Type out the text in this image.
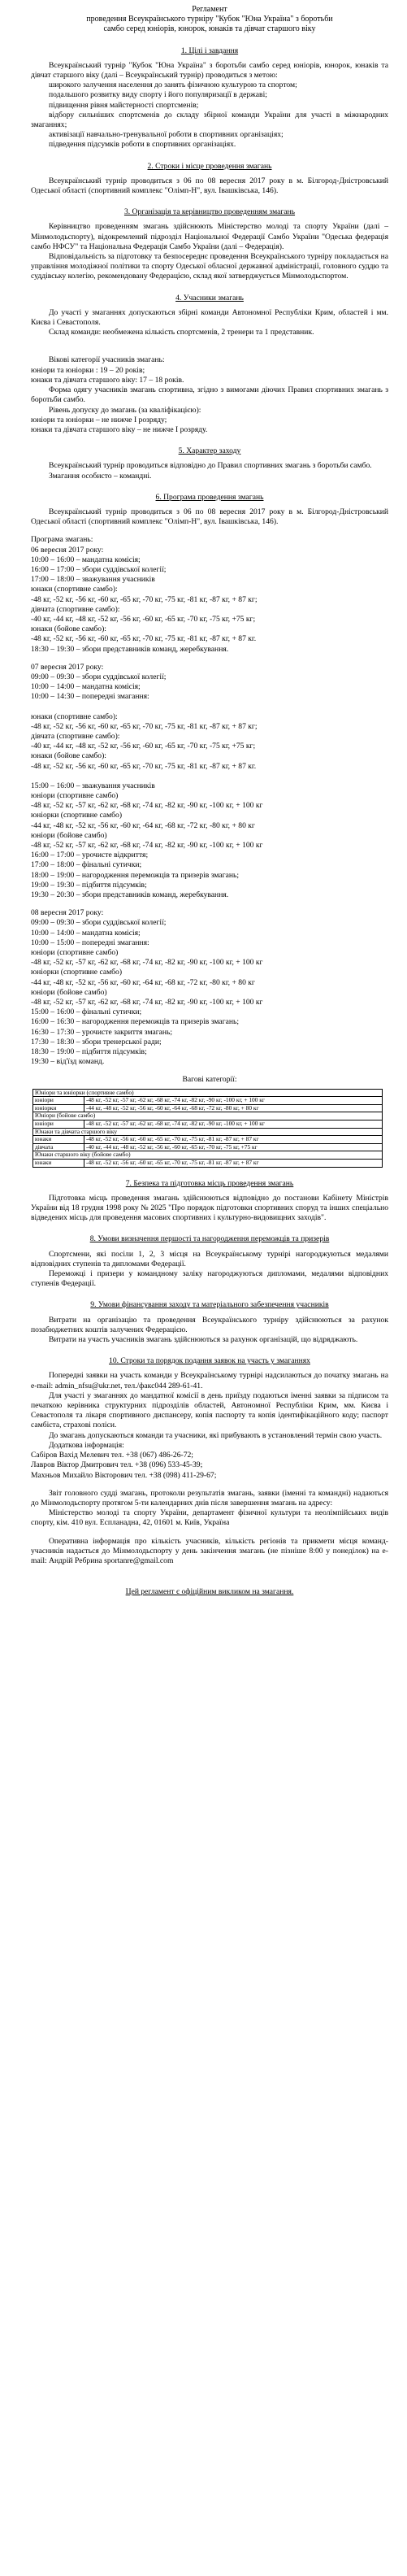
Регламент
проведення Всеукраїнського турніру "Кубок "Юна Україна" з боротьби
самбо серед юніорів, юнорок, юнаків та дівчат старшого віку
1. Цілі і завдання

Всеукраїнський турнір "Кубок "Юна Україна" з боротьби самбо серед юніорів, юнорок, юнаків та дівчат старшого віку (далі – Всеукраїнський турнір) проводиться з метою:

широкого залучення населення до занять фізичною культурою та спортом;

подальшого розвитку виду спорту і його популяризації в державі;

підвищення рівня майстерності спортсменів;

відбору сильніших спортсменів до складу збірної команди України для участі в міжнародних змаганнях;

активізації навчально-тренувальної роботи в спортивних організаціях;

підведення підсумків роботи в спортивних організаціях.

2. Строки і місце проведення змагань

Всеукраїнський турнір проводиться з 06 по 08 вересня 2017 року в м. Білгород-Дністровський Одеської області (спортивний комплекс "Олімп-Н", вул. Івашківська, 146).

3. Організація та керівництво проведенням змагань

Керівництво проведенням змагань здійснюють Міністерство молоді та спорту України (далі – Мінмолодьспорту), відокремлений підрозділ Національної Федерації Самбо України "Одеська федерація самбо НФСУ" та Національна Федерація Самбо України (далі – Федерація).

Відповідальність за підготовку та безпосереднє проведення Всеукраїнського турніру покладається на управління молодіжної політики та спорту Одеської обласної державної адміністрації, головного суддю та суддівську колегію, рекомендовану Федерацією, склад якої затверджується Мінмолодьспортом.

4. Учасники змагань

До участі у змаганнях допускаються збірні команди Автономної Республіки Крим, областей і мм. Києва і Севастополя.

Склад команди: необмежена кількість спортсменів, 2 тренери та 1 представник.

Вікові категорії учасників змагань:

юніори та юніорки : 19 – 20 років;
юнаки та дівчата старшого віку: 17 – 18 років.

Форма одягу учасників змагань спортивна, згідно з вимогами діючих Правил спортивних змагань з боротьби самбо.

Рівень допуску до змагань (за кваліфікацією):

юніори та юніорки – не нижче I розряду;
юнаки та дівчата старшого віку – не нижче I розряду.
5. Характер заходу

Всеукраїнський турнір проводиться відповідно до Правил спортивних змагань з боротьби самбо.

Змагання особисто – командні.

6. Програма проведення змагань

Всеукраїнський турнір проводиться з 06 по 08 вересня 2017 року в м. Білгород-Дністровський Одеської області (спортивний комплекс "Олімп-Н", вул. Івашківська, 146).

Програма змагань:
06 вересня 2017 року:
10:00 – 16:00 – мандатна комісія;
16:00 – 17:00 – збори суддівської колегії;
17:00 – 18:00 – зважування учасників
юнаки (спортивне самбо):
-48 кг, -52 кг, -56 кг, -60 кг, -65 кг, -70 кг, -75 кг, -81 кг, -87 кг, + 87 кг;
дівчата (спортивне самбо):
-40 кг, -44 кг, -48 кг, -52 кг, -56 кг, -60 кг, -65 кг, -70 кг, -75 кг, +75 кг;
юнаки (бойове самбо):
-48 кг, -52 кг, -56 кг, -60 кг, -65 кг, -70 кг, -75 кг, -81 кг, -87 кг, + 87 кг.
18:30 – 19:30 – збори представників команд, жеребкування.
07 вересня 2017 року:
09:00 – 09:30 – збори суддівської колегії;
10:00 – 14:00 – мандатна комісія;
10:00 – 14:30 – попередні змагання:
юнаки (спортивне самбо):
-48 кг, -52 кг, -56 кг, -60 кг, -65 кг, -70 кг, -75 кг, -81 кг, -87 кг, + 87 кг;
дівчата (спортивне самбо):
-40 кг, -44 кг, -48 кг, -52 кг, -56 кг, -60 кг, -65 кг, -70 кг, -75 кг, +75 кг;
юнаки (бойове самбо):
-48 кг, -52 кг, -56 кг, -60 кг, -65 кг, -70 кг, -75 кг, -81 кг, -87 кг, + 87 кг.
15:00 – 16:00 – зважування учасників
юніори (спортивне самбо)
-48 кг, -52 кг, -57 кг, -62 кг, -68 кг, -74 кг, -82 кг, -90 кг, -100 кг, + 100 кг
юніорки (спортивне самбо)
-44 кг, -48 кг, -52 кг, -56 кг, -60 кг, -64 кг, -68 кг, -72 кг, -80 кг, + 80 кг
юніори (бойове самбо)
-48 кг, -52 кг, -57 кг, -62 кг, -68 кг, -74 кг, -82 кг, -90 кг, -100 кг, + 100 кг
16:00 – 17:00 – урочисте відкриття;
17:00 – 18:00 – фінальні сутички;
18:00 – 19:00 – нагородження переможців та призерів змагань;
19:00 – 19:30 – підбиття підсумків;
19:30 – 20:30 – збори представників команд, жеребкування.
08 вересня 2017 року:
09:00 – 09:30 – збори суддівської колегії;
10:00 – 14:00 – мандатна комісія;
10:00 – 15:00 – попередні змагання:
юніори (спортивне самбо)
-48 кг, -52 кг, -57 кг, -62 кг, -68 кг, -74 кг, -82 кг, -90 кг, -100 кг, + 100 кг
юніорки (спортивне самбо)
-44 кг, -48 кг, -52 кг, -56 кг, -60 кг, -64 кг, -68 кг, -72 кг, -80 кг, + 80 кг
юніори (бойове самбо)
-48 кг, -52 кг, -57 кг, -62 кг, -68 кг, -74 кг, -82 кг, -90 кг, -100 кг, + 100 кг
15:00 – 16:00 – фінальні сутички;
16:00 – 16:30 – нагородження переможців та призерів змагань;
16:30 – 17:30 – урочисте закриття змагань;
17:30 – 18:30 – збори тренерської ради;
18:30 – 19:00 – підбиття підсумків;
19:30 – від'їзд команд.
Вагові категорії:
Юніори та юніорки (спортивне самбо)	
юніори	-48 кг, -52 кг, -57 кг, -62 кг, -68 кг, -74 кг, -82 кг, -90 кг, -100 кг, + 100 кг
юніорки	-44 кг, -48 кг, -52 кг, -56 кг, -60 кг, -64 кг, -68 кг, -72 кг, -80 кг, + 80 кг
Юніори (бойове самбо)	
юніори	-48 кг, -52 кг, -57 кг, -62 кг, -68 кг, -74 кг, -82 кг, -90 кг, -100 кг, + 100 кг
Юнаки та дівчата старшого віку	
юнаки	-48 кг, -52 кг, -56 кг, -60 кг, -65 кг, -70 кг, -75 кг, -81 кг, -87 кг, + 87 кг
дівчата	-40 кг, -44 кг, -48 кг, -52 кг, -56 кг, -60 кг, -65 кг, -70 кг, -75 кг, +75 кг
Юнаки старшого віку (бойове самбо)	
юнаки	-48 кг, -52 кг, -56 кг, -60 кг, -65 кг, -70 кг, -75 кг, -81 кг, -87 кг, + 87 кг
7. Безпека та підготовка місць проведення змагань

Підготовка місць проведення змагань здійснюються відповідно до постанови Кабінету Міністрів України від 18 грудня 1998 року № 2025 "Про порядок підготовки спортивних споруд та інших спеціально відведених місць для проведення масових спортивних і культурно-видовищних заходів".

8. Умови визначення першості та нагородження переможців та призерів

Спортсмени, які посіли 1, 2, 3 місця на Всеукраїнському турнірі нагороджуються медалями відповідних ступенів та дипломами Федерації.

Переможці і призери у командному заліку нагороджуються дипломами, медалями відповідних ступенів Федерації.

9. Умови фінансування заходу та матеріального забезпечення учасників

Витрати на організацію та проведення Всеукраїнського турніру здійснюються за рахунок позабюджетних коштів залучених Федерацією.

Витрати на участь учасників змагань здійснюються за рахунок організацій, що відряджають.

10. Строки та порядок подання заявок на участь у змаганнях

Попередні заявки на участь команди у Всеукраїнському турнірі надсилаються до початку змагань на e-mail: admin_nfsu@ukr.net, тел./факс044 289-61-41.

Для участі у змаганнях до мандатної комісії в день приїзду подаються іменні заявки за підписом та печаткою керівника структурних підрозділів областей, Автономної Республіки Крим, мм. Києва і Севастополя та лікаря спортивного диспансеру, копія паспорту та копія ідентифікаційного коду; паспорт самбіста, страхові поліси.

До змагань допускаються команди та учасники, які прибувають в установлений термін свою участь.

Додаткова інформація:

Сабіров Вахід Мелевич тел. +38 (067) 486-26-72;
Лавров Віктор Дмитрович тел. +38 (096) 533-45-39;
Махньов Михайло Вікторович тел. +38 (098) 411-29-67;

Звіт головного судді змагань, протоколи результатів змагань, заявки (іменні та командні) надаються до Мінмолодьспорту протягом 5-ти календарних днів після завершення змагань на адресу:

Міністерство молоді та спорту України, департамент фізичної культури та неолімпійських видів спорту, кім. 410 вул. Еспланадна, 42, 01601 м. Київ, Україна

Оперативна інформація про кількість учасників, кількість регіонів та прикмети місця команд-учасників надається до Мінмолодьспорту у день закінчення змагань (не пізніше 8:00 у понеділок) на e-mail: Андрій Ребрина sportanre@gmail.com

Цей регламент є офіційним викликом на змагання.
